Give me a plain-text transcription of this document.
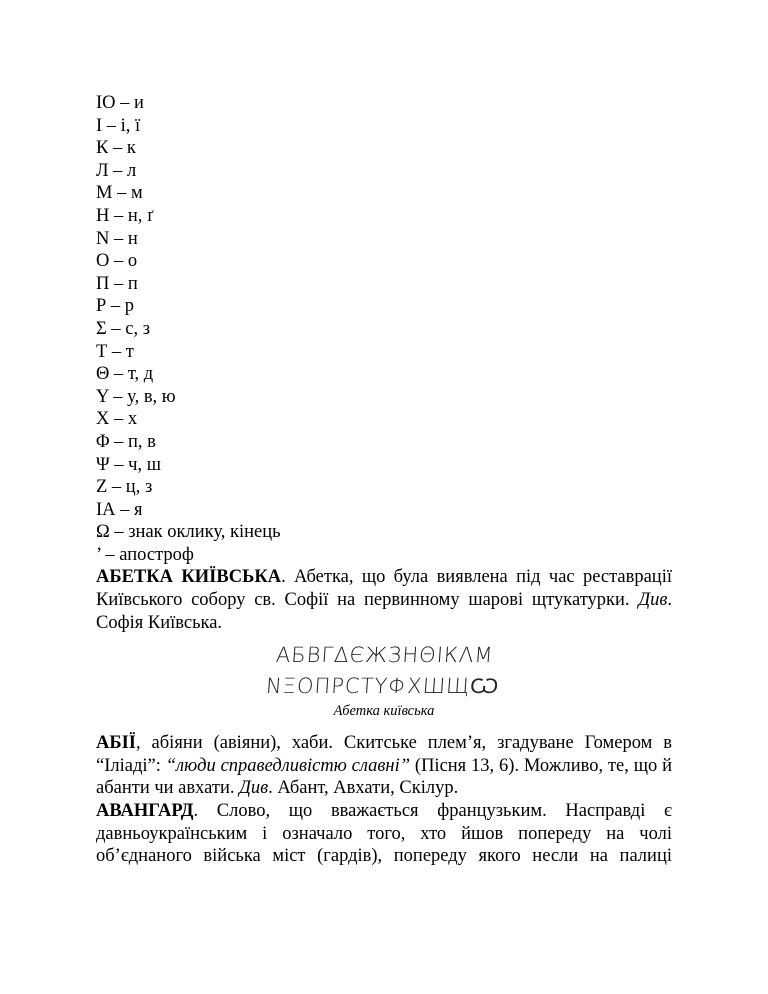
ІО – и
І – і, ї
К – к
Л – л
М – м
Н – н, ґ
N – н
О – о
П – п
Р – р
Σ – с, з
Т – т
Θ – т, д
Υ – у, в, ю
Х – х
Φ – п, в
Ψ – ч, ш
Z – ц, з
ІА – я
Ω – знак оклику, кінець
’ – апостроф
АБЕТКА КИЇВСЬКА. Абетка, що була виявлена під час реставрації Київського собору св. Софії на первинному шарові щтукатурки. Див. Софія Київська.
ΑБВГΔЄЖЗΗΘІКΛΜ
ΝΞΟΠΡСТΥΦΧШЩѠ
Абетка київська
АБІЇ, абіяни (авіяни), хаби. Скитське плем’я, згадуване Гомером в “Іліаді”: “люди справедливістю славні” (Пісня 13, 6). Можливо, те, що й абанти чи авхати. Див. Абант, Авхати, Скілур.
АВАНГАРД. Слово, що вважається французьким. Насправді є давньоукраїнським і означало того, хто йшов попереду на чолі об’єднаного війська міст (гардів), попереду якого несли на палиці
